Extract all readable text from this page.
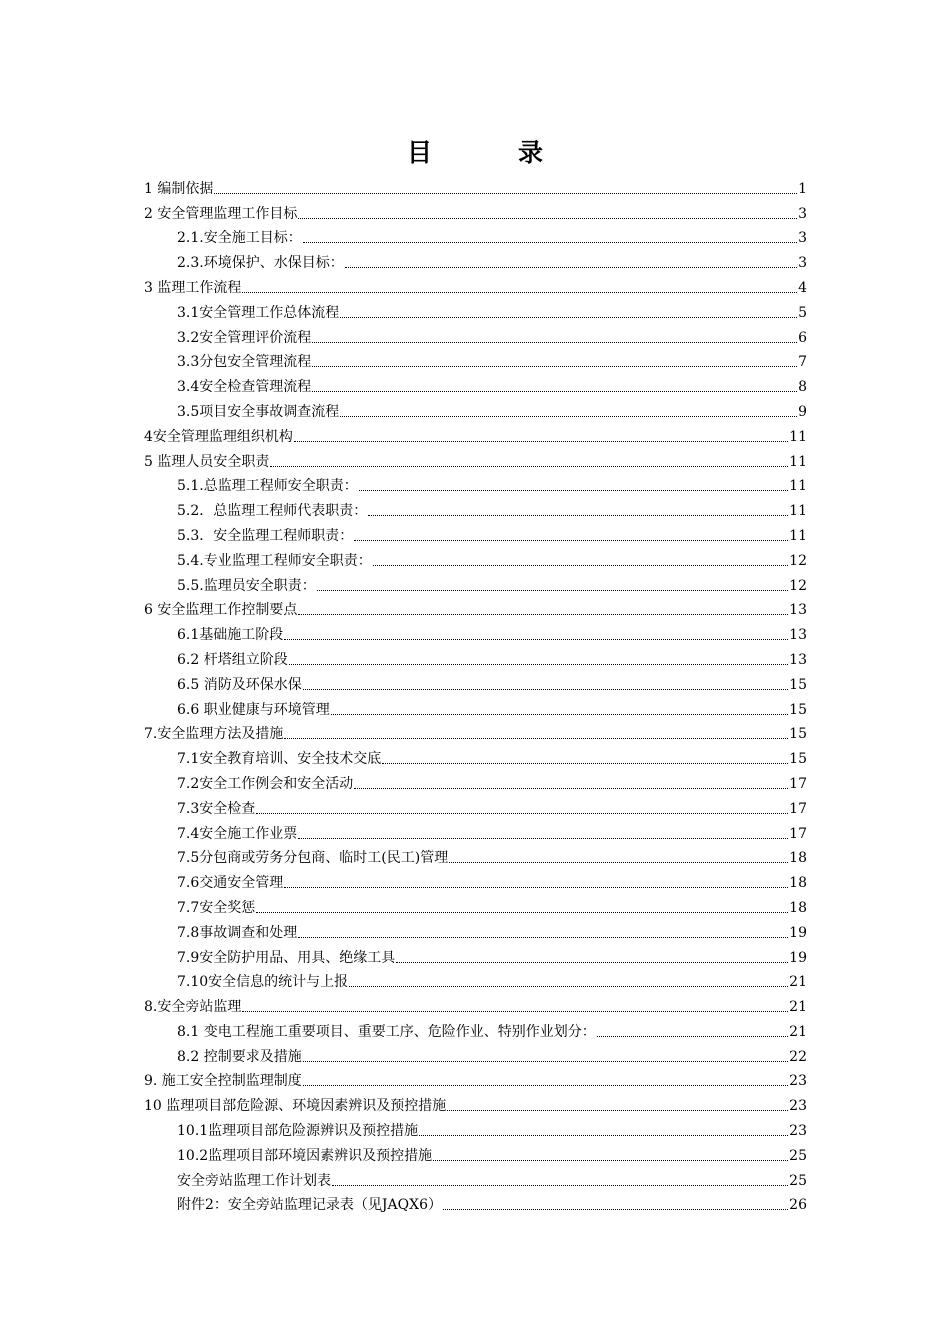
目	录
1 编制依据	1
2 安全管理监理工作目标	3
2.1.安全施工目标：	3
2.3.环境保护、水保目标：	3
3 监理工作流程	4
3.1安全管理工作总体流程	5
3.2安全管理评价流程	6
3.3分包安全管理流程	7
3.4安全检查管理流程	8
3.5项目安全事故调查流程	9
4安全管理监理组织机构	11
5 监理人员安全职责	11
5.1.总监理工程师安全职责：	11
5.2．总监理工程师代表职责：	11
5.3．安全监理工程师职责：	11
5.4.专业监理工程师安全职责：	12
5.5.监理员安全职责：	12
6 安全监理工作控制要点	13
6.1基础施工阶段	13
6.2 杆塔组立阶段	13
6.5 消防及环保水保	15
6.6 职业健康与环境管理	15
7.安全监理方法及措施	15
7.1安全教育培训、安全技术交底	15
7.2安全工作例会和安全活动	17
7.3安全检查	17
7.4安全施工作业票	17
7.5分包商或劳务分包商、临时工(民工)管理	18
7.6交通安全管理	18
7.7安全奖惩	18
7.8事故调查和处理	19
7.9安全防护用品、用具、绝缘工具	19
7.10安全信息的统计与上报	21
8.安全旁站监理	21
8.1 变电工程施工重要项目、重要工序、危险作业、特别作业划分：	21
8.2 控制要求及措施	22
9. 施工安全控制监理制度	23
10 监理项目部危险源、环境因素辨识及预控措施	23
10.1监理项目部危险源辨识及预控措施	23
10.2监理项目部环境因素辨识及预控措施	25
安全旁站监理工作计划表	25
附件2：安全旁站监理记录表（见JAQX6）	26
